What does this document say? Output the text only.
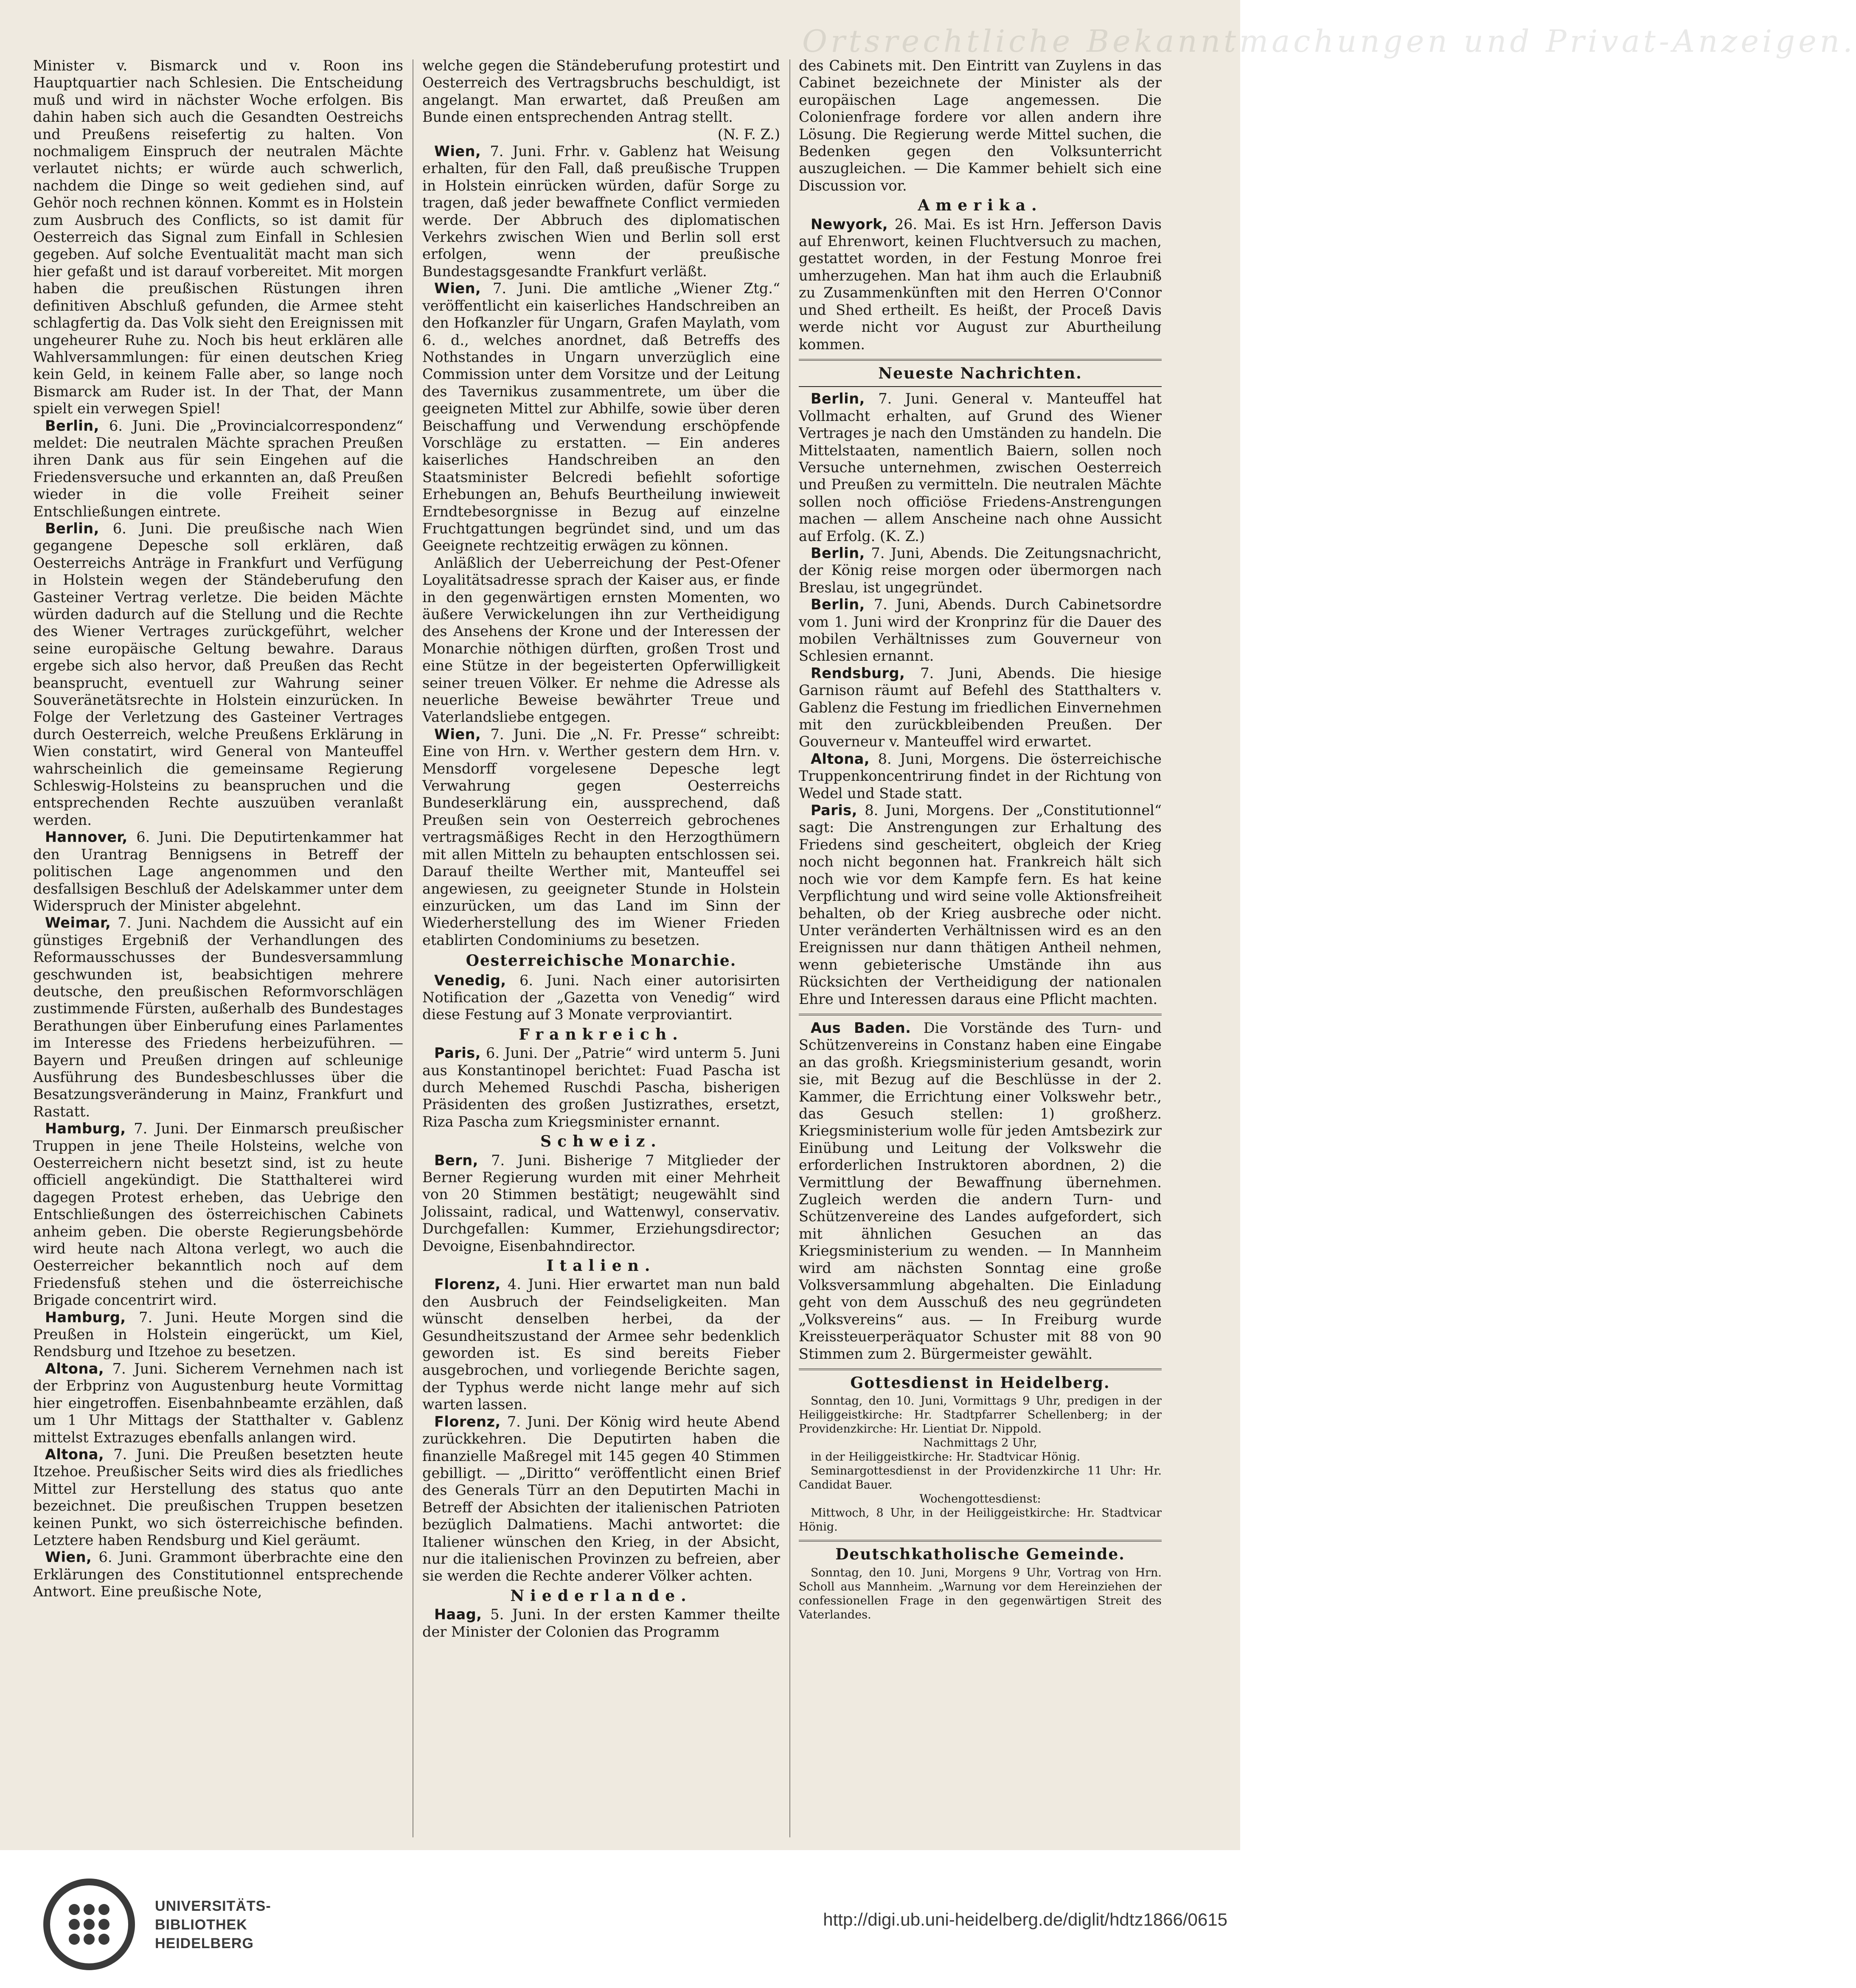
Ortsrechtliche Bekanntmachungen und Privat-Anzeigen.

Minister v. Bismarck und v. Roon ins Hauptquartier nach Schlesien. Die Entscheidung muß und wird in nächster Woche erfolgen. Bis dahin haben sich auch die Gesandten Oestreichs und Preußens reisefertig zu halten. Von nochmaligem Einspruch der neutralen Mächte verlautet nichts; er würde auch schwerlich, nachdem die Dinge so weit gediehen sind, auf Gehör noch rechnen können. Kommt es in Holstein zum Ausbruch des Conflicts, so ist damit für Oesterreich das Signal zum Einfall in Schlesien gegeben. Auf solche Eventualität macht man sich hier gefaßt und ist darauf vorbereitet. Mit morgen haben die preußischen Rüstungen ihren definitiven Abschluß gefunden, die Armee steht schlagfertig da. Das Volk sieht den Ereignissen mit ungeheurer Ruhe zu. Noch bis heut erklären alle Wahlversammlungen: für einen deutschen Krieg kein Geld, in keinem Falle aber, so lange noch Bismarck am Ruder ist. In der That, der Mann spielt ein verwegen Spiel!

Berlin, 6. Juni. Die „Provincialcorrespondenz“ meldet: Die neutralen Mächte sprachen Preußen ihren Dank aus für sein Eingehen auf die Friedensversuche und erkannten an, daß Preußen wieder in die volle Freiheit seiner Entschließungen eintrete.

Berlin, 6. Juni. Die preußische nach Wien gegangene Depesche soll erklären, daß Oesterreichs Anträge in Frankfurt und Verfügung in Holstein wegen der Ständeberufung den Gasteiner Vertrag verletze. Die beiden Mächte würden dadurch auf die Stellung und die Rechte des Wiener Vertrages zurückgeführt, welcher seine europäische Geltung bewahre. Daraus ergebe sich also hervor, daß Preußen das Recht beansprucht, eventuell zur Wahrung seiner Souveränetätsrechte in Holstein einzurücken. In Folge der Verletzung des Gasteiner Vertrages durch Oesterreich, welche Preußens Erklärung in Wien constatirt, wird General von Manteuffel wahrscheinlich die gemeinsame Regierung Schleswig-Holsteins zu beanspruchen und die entsprechenden Rechte auszuüben veranlaßt werden.

Hannover, 6. Juni. Die Deputirtenkammer hat den Urantrag Bennigsens in Betreff der politischen Lage angenommen und den desfallsigen Beschluß der Adelskammer unter dem Widerspruch der Minister abgelehnt.

Weimar, 7. Juni. Nachdem die Aussicht auf ein günstiges Ergebniß der Verhandlungen des Reformausschusses der Bundesversammlung geschwunden ist, beabsichtigen mehrere deutsche, den preußischen Reformvorschlägen zustimmende Fürsten, außerhalb des Bundestages Berathungen über Einberufung eines Parlamentes im Interesse des Friedens herbeizuführen. — Bayern und Preußen dringen auf schleunige Ausführung des Bundesbeschlusses über die Besatzungsveränderung in Mainz, Frankfurt und Rastatt.

Hamburg, 7. Juni. Der Einmarsch preußischer Truppen in jene Theile Holsteins, welche von Oesterreichern nicht besetzt sind, ist zu heute officiell angekündigt. Die Statthalterei wird dagegen Protest erheben, das Uebrige den Entschließungen des österreichischen Cabinets anheim geben. Die oberste Regierungsbehörde wird heute nach Altona verlegt, wo auch die Oesterreicher bekanntlich noch auf dem Friedensfuß stehen und die österreichische Brigade concentrirt wird.

Hamburg, 7. Juni. Heute Morgen sind die Preußen in Holstein eingerückt, um Kiel, Rendsburg und Itzehoe zu besetzen.

Altona, 7. Juni. Sicherem Vernehmen nach ist der Erbprinz von Augustenburg heute Vormittag hier eingetroffen. Eisenbahnbeamte erzählen, daß um 1 Uhr Mittags der Statthalter v. Gablenz mittelst Extrazuges ebenfalls anlangen wird.

Altona, 7. Juni. Die Preußen besetzten heute Itzehoe. Preußischer Seits wird dies als friedliches Mittel zur Herstellung des status quo ante bezeichnet. Die preußischen Truppen besetzen keinen Punkt, wo sich österreichische befinden. Letztere haben Rendsburg und Kiel geräumt.

Wien, 6. Juni. Grammont überbrachte eine den Erklärungen des Constitutionnel entsprechende Antwort. Eine preußische Note,

welche gegen die Ständeberufung protestirt und Oesterreich des Vertragsbruchs beschuldigt, ist angelangt. Man erwartet, daß Preußen am Bunde einen entsprechenden Antrag stellt.

(N. F. Z.)

Wien, 7. Juni. Frhr. v. Gablenz hat Weisung erhalten, für den Fall, daß preußische Truppen in Holstein einrücken würden, dafür Sorge zu tragen, daß jeder bewaffnete Conflict vermieden werde. Der Abbruch des diplomatischen Verkehrs zwischen Wien und Berlin soll erst erfolgen, wenn der preußische Bundestagsgesandte Frankfurt verläßt.

Wien, 7. Juni. Die amtliche „Wiener Ztg.“ veröffentlicht ein kaiserliches Handschreiben an den Hofkanzler für Ungarn, Grafen Maylath, vom 6. d., welches anordnet, daß Betreffs des Nothstandes in Ungarn unverzüglich eine Commission unter dem Vorsitze und der Leitung des Tavernikus zusammentrete, um über die geeigneten Mittel zur Abhilfe, sowie über deren Beischaffung und Verwendung erschöpfende Vorschläge zu erstatten. — Ein anderes kaiserliches Handschreiben an den Staatsminister Belcredi befiehlt sofortige Erhebungen an, Behufs Beurtheilung inwieweit Erndtebesorgnisse in Bezug auf einzelne Fruchtgattungen begründet sind, und um das Geeignete rechtzeitig erwägen zu können.

Anläßlich der Ueberreichung der Pest-Ofener Loyalitätsadresse sprach der Kaiser aus, er finde in den gegenwärtigen ernsten Momenten, wo äußere Verwickelungen ihn zur Vertheidigung des Ansehens der Krone und der Interessen der Monarchie nöthigen dürften, großen Trost und eine Stütze in der begeisterten Opferwilligkeit seiner treuen Völker. Er nehme die Adresse als neuerliche Beweise bewährter Treue und Vaterlandsliebe entgegen.

Wien, 7. Juni. Die „N. Fr. Presse“ schreibt: Eine von Hrn. v. Werther gestern dem Hrn. v. Mensdorff vorgelesene Depesche legt Verwahrung gegen Oesterreichs Bundeserklärung ein, aussprechend, daß Preußen sein von Oesterreich gebrochenes vertragsmäßiges Recht in den Herzogthümern mit allen Mitteln zu behaupten entschlossen sei. Darauf theilte Werther mit, Manteuffel sei angewiesen, zu geeigneter Stunde in Holstein einzurücken, um das Land im Sinn der Wiederherstellung des im Wiener Frieden etablirten Condominiums zu besetzen.

Oesterreichische Monarchie.

Venedig, 6. Juni. Nach einer autorisirten Notification der „Gazetta von Venedig“ wird diese Festung auf 3 Monate verproviantirt.

Frankreich.

Paris, 6. Juni. Der „Patrie“ wird unterm 5. Juni aus Konstantinopel berichtet: Fuad Pascha ist durch Mehemed Ruschdi Pascha, bisherigen Präsidenten des großen Justizrathes, ersetzt, Riza Pascha zum Kriegsminister ernannt.

Schweiz.

Bern, 7. Juni. Bisherige 7 Mitglieder der Berner Regierung wurden mit einer Mehrheit von 20 Stimmen bestätigt; neugewählt sind Jolissaint, radical, und Wattenwyl, conservativ. Durchgefallen: Kummer, Erziehungsdirector; Devoigne, Eisenbahndirector.

Italien.

Florenz, 4. Juni. Hier erwartet man nun bald den Ausbruch der Feindseligkeiten. Man wünscht denselben herbei, da der Gesundheitszustand der Armee sehr bedenklich geworden ist. Es sind bereits Fieber ausgebrochen, und vorliegende Berichte sagen, der Typhus werde nicht lange mehr auf sich warten lassen.

Florenz, 7. Juni. Der König wird heute Abend zurückkehren. Die Deputirten haben die finanzielle Maßregel mit 145 gegen 40 Stimmen gebilligt. — „Diritto“ veröffentlicht einen Brief des Generals Türr an den Deputirten Machi in Betreff der Absichten der italienischen Patrioten bezüglich Dalmatiens. Machi antwortet: die Italiener wünschen den Krieg, in der Absicht, nur die italienischen Provinzen zu befreien, aber sie werden die Rechte anderer Völker achten.

Niederlande.

Haag, 5. Juni. In der ersten Kammer theilte der Minister der Colonien das Programm

des Cabinets mit. Den Eintritt van Zuylens in das Cabinet bezeichnete der Minister als der europäischen Lage angemessen. Die Colonienfrage fordere vor allen andern ihre Lösung. Die Regierung werde Mittel suchen, die Bedenken gegen den Volksunterricht auszugleichen. — Die Kammer behielt sich eine Discussion vor.

Amerika.

Newyork, 26. Mai. Es ist Hrn. Jefferson Davis auf Ehrenwort, keinen Fluchtversuch zu machen, gestattet worden, in der Festung Monroe frei umherzugehen. Man hat ihm auch die Erlaubniß zu Zusammenkünften mit den Herren O'Connor und Shed ertheilt. Es heißt, der Proceß Davis werde nicht vor August zur Aburtheilung kommen.

Neueste Nachrichten.

Berlin, 7. Juni. General v. Manteuffel hat Vollmacht erhalten, auf Grund des Wiener Vertrages je nach den Umständen zu handeln. Die Mittelstaaten, namentlich Baiern, sollen noch Versuche unternehmen, zwischen Oesterreich und Preußen zu vermitteln. Die neutralen Mächte sollen noch officiöse Friedens-Anstrengungen machen — allem Anscheine nach ohne Aussicht auf Erfolg. (K. Z.)

Berlin, 7. Juni, Abends. Die Zeitungsnachricht, der König reise morgen oder übermorgen nach Breslau, ist ungegründet.

Berlin, 7. Juni, Abends. Durch Cabinetsordre vom 1. Juni wird der Kronprinz für die Dauer des mobilen Verhältnisses zum Gouverneur von Schlesien ernannt.

Rendsburg, 7. Juni, Abends. Die hiesige Garnison räumt auf Befehl des Statthalters v. Gablenz die Festung im friedlichen Einvernehmen mit den zurückbleibenden Preußen. Der Gouverneur v. Manteuffel wird erwartet.

Altona, 8. Juni, Morgens. Die österreichische Truppenkoncentrirung findet in der Richtung von Wedel und Stade statt.

Paris, 8. Juni, Morgens. Der „Constitutionnel“ sagt: Die Anstrengungen zur Erhaltung des Friedens sind gescheitert, obgleich der Krieg noch nicht begonnen hat. Frankreich hält sich noch wie vor dem Kampfe fern. Es hat keine Verpflichtung und wird seine volle Aktionsfreiheit behalten, ob der Krieg ausbreche oder nicht. Unter veränderten Verhältnissen wird es an den Ereignissen nur dann thätigen Antheil nehmen, wenn gebieterische Umstände ihn aus Rücksichten der Vertheidigung der nationalen Ehre und Interessen daraus eine Pflicht machten.

Aus Baden. Die Vorstände des Turn- und Schützenvereins in Constanz haben eine Eingabe an das großh. Kriegsministerium gesandt, worin sie, mit Bezug auf die Beschlüsse in der 2. Kammer, die Errichtung einer Volkswehr betr., das Gesuch stellen: 1) großherz. Kriegsministerium wolle für jeden Amtsbezirk zur Einübung und Leitung der Volkswehr die erforderlichen Instruktoren abordnen, 2) die Vermittlung der Bewaffnung übernehmen. Zugleich werden die andern Turn- und Schützenvereine des Landes aufgefordert, sich mit ähnlichen Gesuchen an das Kriegsministerium zu wenden. — In Mannheim wird am nächsten Sonntag eine große Volksversammlung abgehalten. Die Einladung geht von dem Ausschuß des neu gegründeten „Volksvereins“ aus. — In Freiburg wurde Kreissteuerperäquator Schuster mit 88 von 90 Stimmen zum 2. Bürgermeister gewählt.

Gottesdienst in Heidelberg.

Sonntag, den 10. Juni, Vormittags 9 Uhr, predigen in der Heiliggeistkirche: Hr. Stadtpfarrer Schellenberg; in der Providenzkirche: Hr. Lientiat Dr. Nippold.

Nachmittags 2 Uhr,

in der Heiliggeistkirche: Hr. Stadtvicar Hönig.

Seminargottesdienst in der Providenzkirche 11 Uhr: Hr. Candidat Bauer.

Wochengottesdienst:

Mittwoch, 8 Uhr, in der Heiliggeistkirche: Hr. Stadtvicar Hönig.

Deutschkatholische Gemeinde.

Sonntag, den 10. Juni, Morgens 9 Uhr, Vortrag von Hrn. Scholl aus Mannheim. „Warnung vor dem Hereinziehen der confessionellen Frage in den gegenwärtigen Streit des Vaterlandes.

UNIVERSITÄTS-
BIBLIOTHEK
HEIDELBERG
http://digi.ub.uni-heidelberg.de/diglit/hdtz1866/0615
